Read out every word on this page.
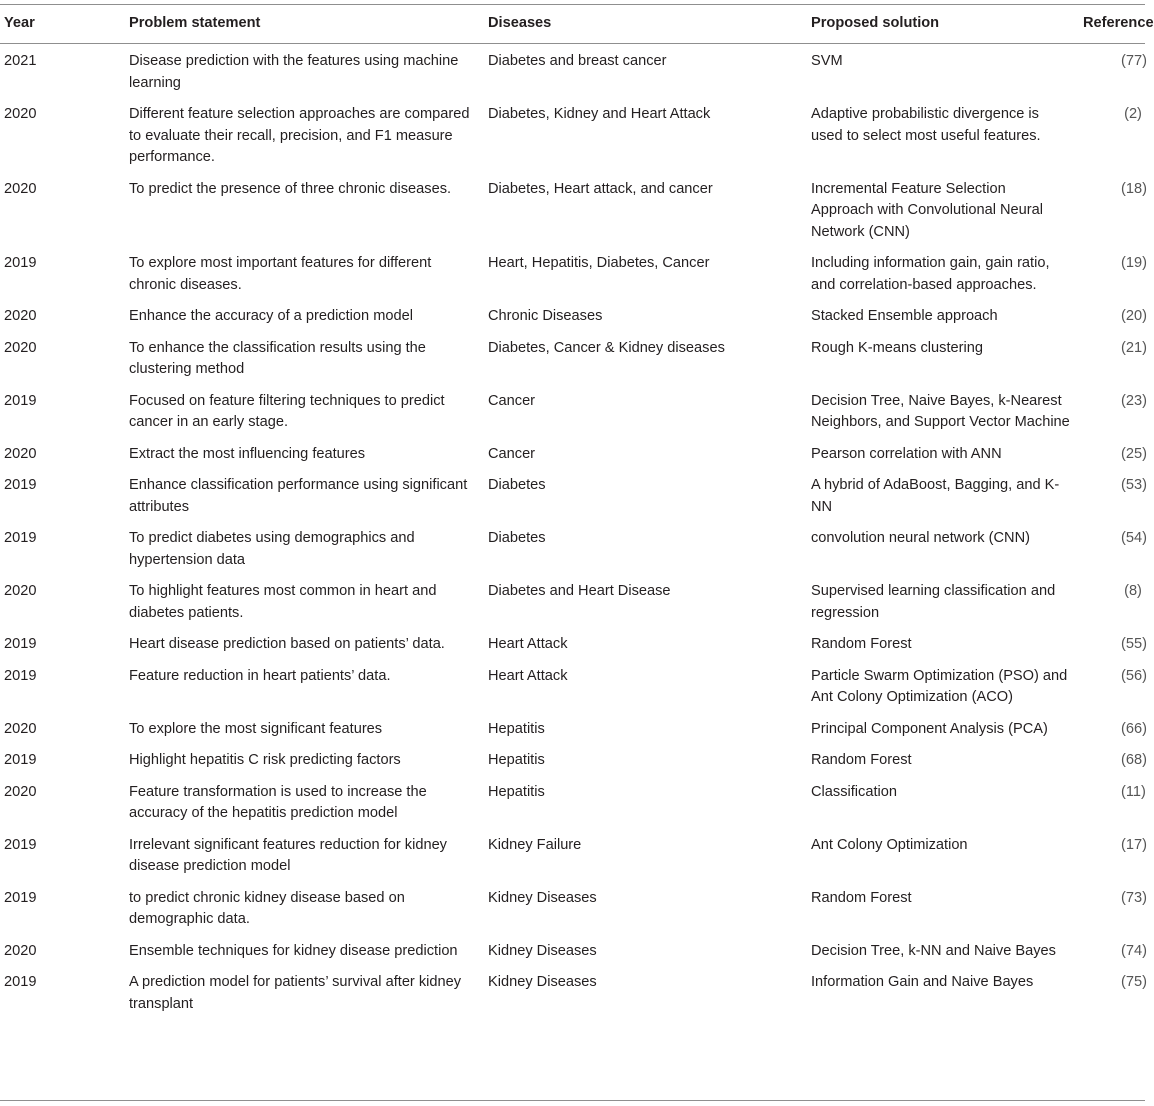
Year	Problem statement	Diseases	Proposed solution	Reference
2021	Disease prediction with the features using machine learning	Diabetes and breast cancer	SVM	(77)
2020	Different feature selection approaches are compared to evaluate their recall, precision, and F1 measure performance.	Diabetes, Kidney and Heart Attack	Adaptive probabilistic divergence is used to select most useful features.	(2)
2020	To predict the presence of three chronic diseases.	Diabetes, Heart attack, and cancer	Incremental Feature Selection Approach with Convolutional Neural Network (CNN)	(18)
2019	To explore most important features for different chronic diseases.	Heart, Hepatitis, Diabetes, Cancer	Including information gain, gain ratio, and correlation-based approaches.	(19)
2020	Enhance the accuracy of a prediction model	Chronic Diseases	Stacked Ensemble approach	(20)
2020	To enhance the classification results using the clustering method	Diabetes, Cancer & Kidney diseases	Rough K-means clustering	(21)
2019	Focused on feature filtering techniques to predict cancer in an early stage.	Cancer	Decision Tree, Naive Bayes, k-Nearest Neighbors, and Support Vector Machine	(23)
2020	Extract the most influencing features	Cancer	Pearson correlation with ANN	(25)
2019	Enhance classification performance using significant attributes	Diabetes	A hybrid of AdaBoost, Bagging, and K-NN	(53)
2019	To predict diabetes using demographics and hypertension data	Diabetes	convolution neural network (CNN)	(54)
2020	To highlight features most common in heart and diabetes patients.	Diabetes and Heart Disease	Supervised learning classification and regression	(8)
2019	Heart disease prediction based on patients’ data.	Heart Attack	Random Forest	(55)
2019	Feature reduction in heart patients’ data.	Heart Attack	Particle Swarm Optimization (PSO) and Ant Colony Optimization (ACO)	(56)
2020	To explore the most significant features	Hepatitis	Principal Component Analysis (PCA)	(66)
2019	Highlight hepatitis C risk predicting factors	Hepatitis	Random Forest	(68)
2020	Feature transformation is used to increase the accuracy of the hepatitis prediction model	Hepatitis	Classification	(11)
2019	Irrelevant significant features reduction for kidney disease prediction model	Kidney Failure	Ant Colony Optimization	(17)
2019	to predict chronic kidney disease based on demographic data.	Kidney Diseases	Random Forest	(73)
2020	Ensemble techniques for kidney disease prediction	Kidney Diseases	Decision Tree, k-NN and Naive Bayes	(74)
2019	A prediction model for patients’ survival after kidney transplant	Kidney Diseases	Information Gain and Naive Bayes	(75)
